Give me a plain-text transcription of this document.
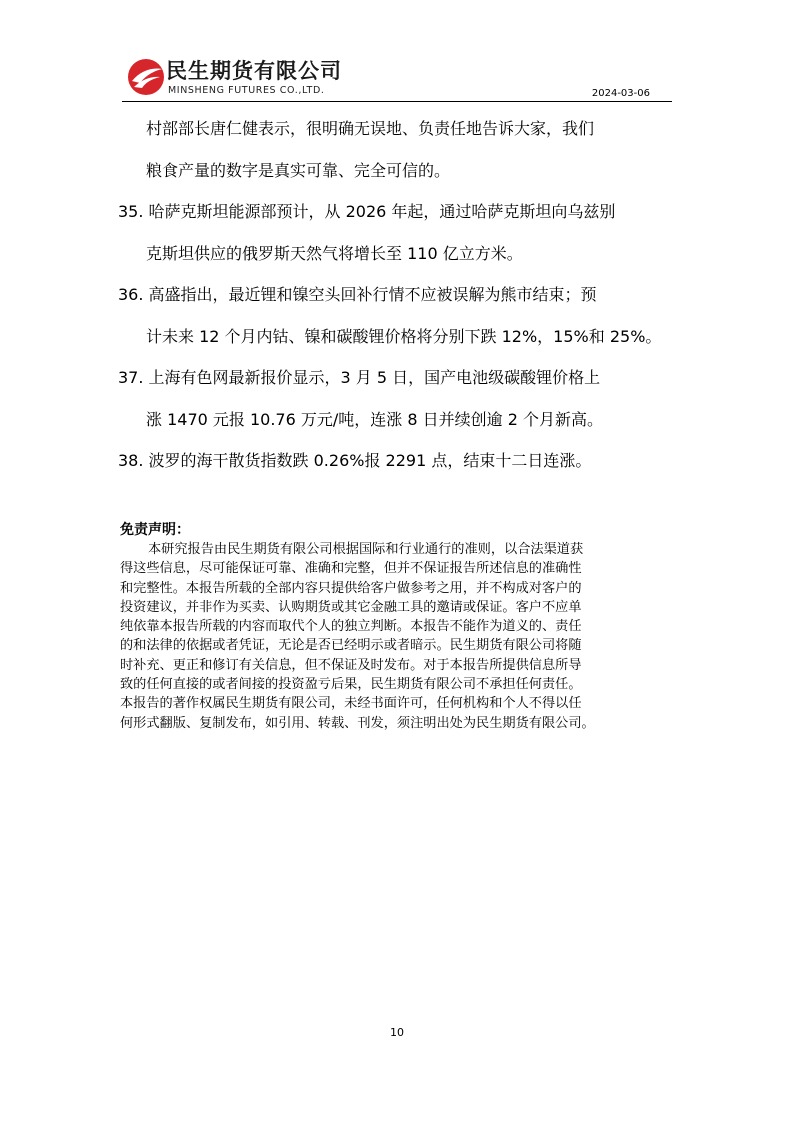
民生期货有限公司
MINSHENG FUTURES CO.,LTD.	2024-03-06
村部部长唐仁健表示，很明确无误地、负责任地告诉大家，我们
粮食产量的数字是真实可靠、完全可信的。
35. 哈萨克斯坦能源部预计，从 2026 年起，通过哈萨克斯坦向乌兹别
克斯坦供应的俄罗斯天然气将增长至 110 亿立方米。
36. 高盛指出，最近锂和镍空头回补行情不应被误解为熊市结束；预
计未来 12 个月内钴、镍和碳酸锂价格将分别下跌 12%，15%和 25%。
37. 上海有色网最新报价显示，3 月 5 日，国产电池级碳酸锂价格上
涨 1470 元报 10.76 万元/吨，连涨 8 日并续创逾 2 个月新高。
38. 波罗的海干散货指数跌 0.26%报 2291 点，结束十二日连涨。
免责声明：
本研究报告由民生期货有限公司根据国际和行业通行的准则，以合法渠道获
得这些信息，尽可能保证可靠、准确和完整，但并不保证报告所述信息的准确性
和完整性。本报告所载的全部内容只提供给客户做参考之用，并不构成对客户的
投资建议，并非作为买卖、认购期货或其它金融工具的邀请或保证。客户不应单
纯依靠本报告所载的内容而取代个人的独立判断。本报告不能作为道义的、责任
的和法律的依据或者凭证，无论是否已经明示或者暗示。民生期货有限公司将随
时补充、更正和修订有关信息，但不保证及时发布。对于本报告所提供信息所导
致的任何直接的或者间接的投资盈亏后果，民生期货有限公司不承担任何责任。
本报告的著作权属民生期货有限公司，未经书面许可，任何机构和个人不得以任
何形式翻版、复制发布，如引用、转载、刊发，须注明出处为民生期货有限公司。
10
